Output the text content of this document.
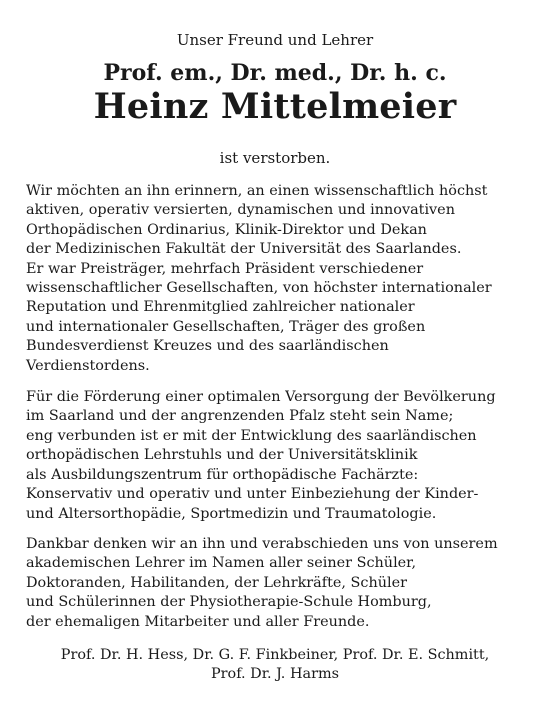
Unser Freund und Lehrer
Prof. em., Dr. med., Dr. h. c.
Heinz Mittelmeier
ist verstorben.
Wir möchten an ihn erinnern, an einen wissenschaftlich höchst
aktiven, operativ versierten, dynamischen und innovativen
Orthopädischen Ordinarius, Klinik-Direktor und Dekan
der Medizinischen Fakultät der Universität des Saarlandes.
Er war Preisträger, mehrfach Präsident verschiedener
wissenschaftlicher Gesellschaften, von höchster internationaler
Reputation und Ehrenmitglied zahlreicher nationaler
und internationaler Gesellschaften, Träger des großen
Bundesverdienst Kreuzes und des saarländischen
Verdienstordens.
Für die Förderung einer optimalen Versorgung der Bevölkerung
im Saarland und der angrenzenden Pfalz steht sein Name;
eng verbunden ist er mit der Entwicklung des saarländischen
orthopädischen Lehrstuhls und der Universitätsklinik
als Ausbildungszentrum für orthopädische Fachärzte:
Konservativ und operativ und unter Einbeziehung der Kinder-
und Altersorthopädie, Sportmedizin und Traumatologie.
Dankbar denken wir an ihn und verabschieden uns von unserem
akademischen Lehrer im Namen aller seiner Schüler,
Doktoranden, Habilitanden, der Lehrkräfte, Schüler
und Schülerinnen der Physiotherapie-Schule Homburg,
der ehemaligen Mitarbeiter und aller Freunde.
Prof. Dr. H. Hess, Dr. G. F. Finkbeiner, Prof. Dr. E. Schmitt,
Prof. Dr. J. Harms
